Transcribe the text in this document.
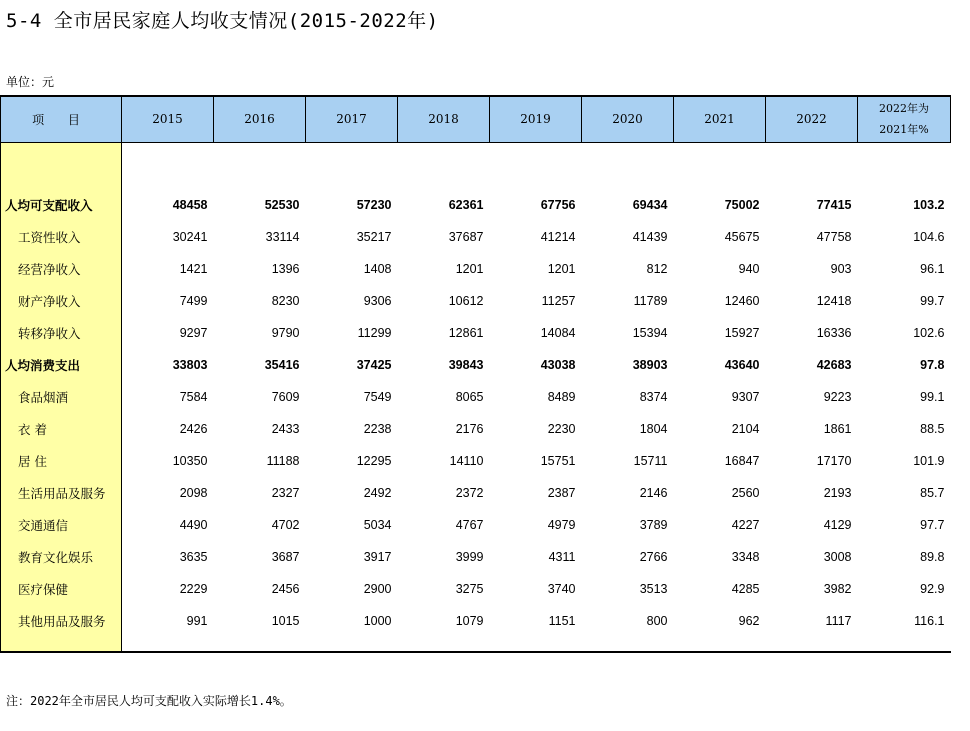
5-4 全市居民家庭人均收支情况(2015-2022年)
单位：元
项 目	2015	2016	2017	2018	2019	2020	2021	2022	2022年为
2021年%

人均可支配收入	48458	52530	57230	62361	67756	69434	75002	77415	103.2
工资性收入	30241	33114	35217	37687	41214	41439	45675	47758	104.6
经营净收入	1421	1396	1408	1201	1201	812	940	903	96.1
财产净收入	7499	8230	9306	10612	11257	11789	12460	12418	99.7
转移净收入	9297	9790	11299	12861	14084	15394	15927	16336	102.6
人均消费支出	33803	35416	37425	39843	43038	38903	43640	42683	97.8
食品烟酒	7584	7609	7549	8065	8489	8374	9307	9223	99.1
衣 着	2426	2433	2238	2176	2230	1804	2104	1861	88.5
居 住	10350	11188	12295	14110	15751	15711	16847	17170	101.9
生活用品及服务	2098	2327	2492	2372	2387	2146	2560	2193	85.7
交通通信	4490	4702	5034	4767	4979	3789	4227	4129	97.7
教育文化娱乐	3635	3687	3917	3999	4311	2766	3348	3008	89.8
医疗保健	2229	2456	2900	3275	3740	3513	4285	3982	92.9
其他用品及服务	991	1015	1000	1079	1151	800	962	1117	116.1

注：2022年全市居民人均可支配收入实际增长1.4%。
